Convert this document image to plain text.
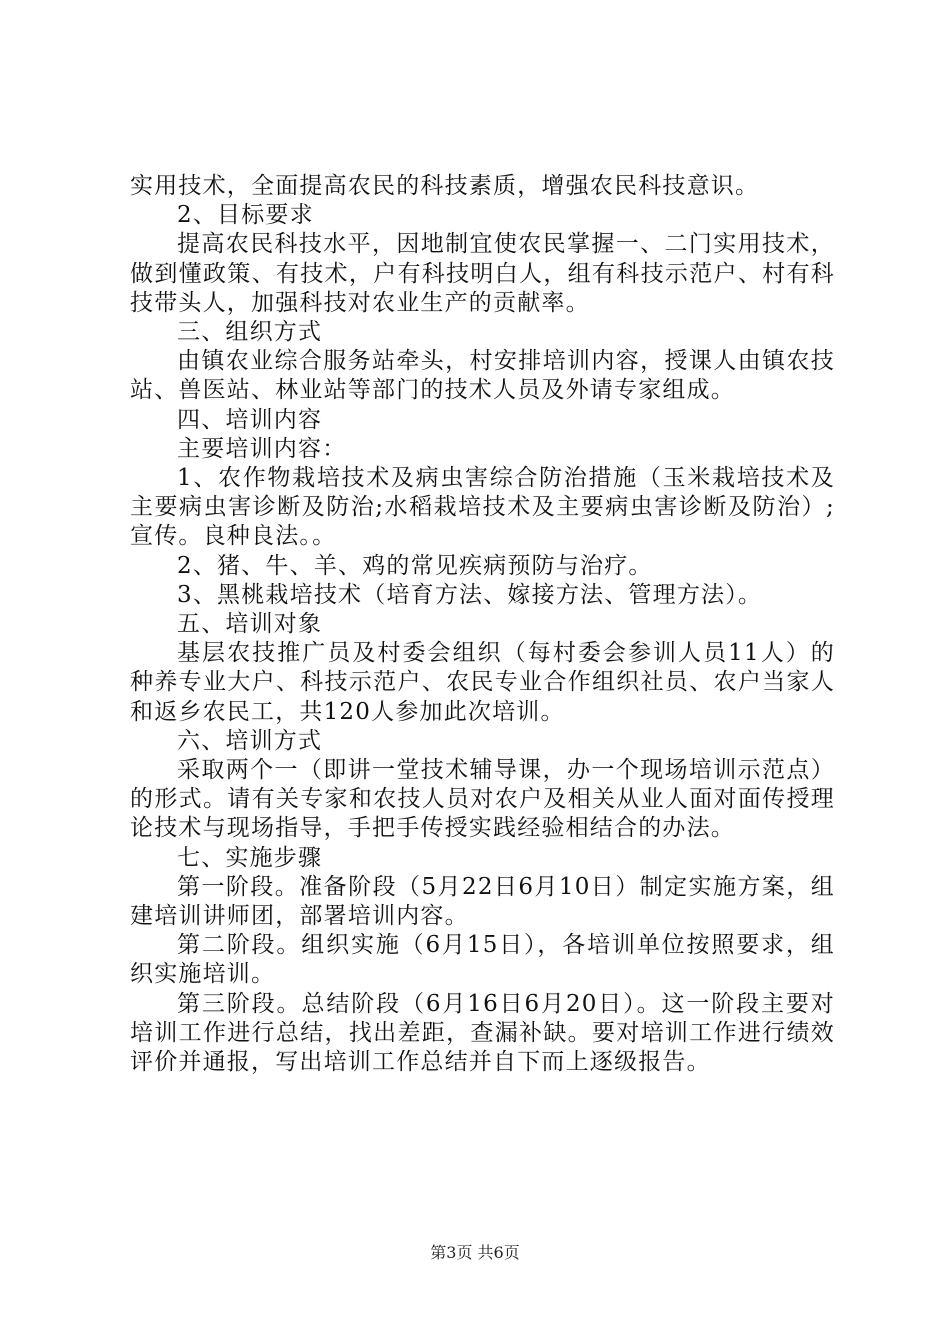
实用技术，全面提高农民的科技素质，增强农民科技意识。

2、目标要求

提高农民科技水平，因地制宜使农民掌握一、二门实用技术，做到懂政策、有技术，户有科技明白人，组有科技示范户、村有科技带头人，加强科技对农业生产的贡献率。

三、组织方式

由镇农业综合服务站牵头，村安排培训内容，授课人由镇农技站、兽医站、林业站等部门的技术人员及外请专家组成。

四、培训内容

主要培训内容：

1、农作物栽培技术及病虫害综合防治措施（玉米栽培技术及主要病虫害诊断及防治;水稻栽培技术及主要病虫害诊断及防治）;宣传。良种良法。。

2、猪、牛、羊、鸡的常见疾病预防与治疗。

3、黑桃栽培技术（培育方法、嫁接方法、管理方法）。

五、培训对象

基层农技推广员及村委会组织（每村委会参训人员11人）的种养专业大户、科技示范户、农民专业合作组织社员、农户当家人和返乡农民工，共120人参加此次培训。

六、培训方式

采取两个一（即讲一堂技术辅导课，办一个现场培训示范点）的形式。请有关专家和农技人员对农户及相关从业人面对面传授理论技术与现场指导，手把手传授实践经验相结合的办法。

七、实施步骤

第一阶段。准备阶段（5月22日6月10日）制定实施方案，组建培训讲师团，部署培训内容。

第二阶段。组织实施（6月15日），各培训单位按照要求，组织实施培训。

第三阶段。总结阶段（6月16日6月20日）。这一阶段主要对培训工作进行总结，找出差距，查漏补缺。要对培训工作进行绩效评价并通报，写出培训工作总结并自下而上逐级报告。

第3页 共6页
